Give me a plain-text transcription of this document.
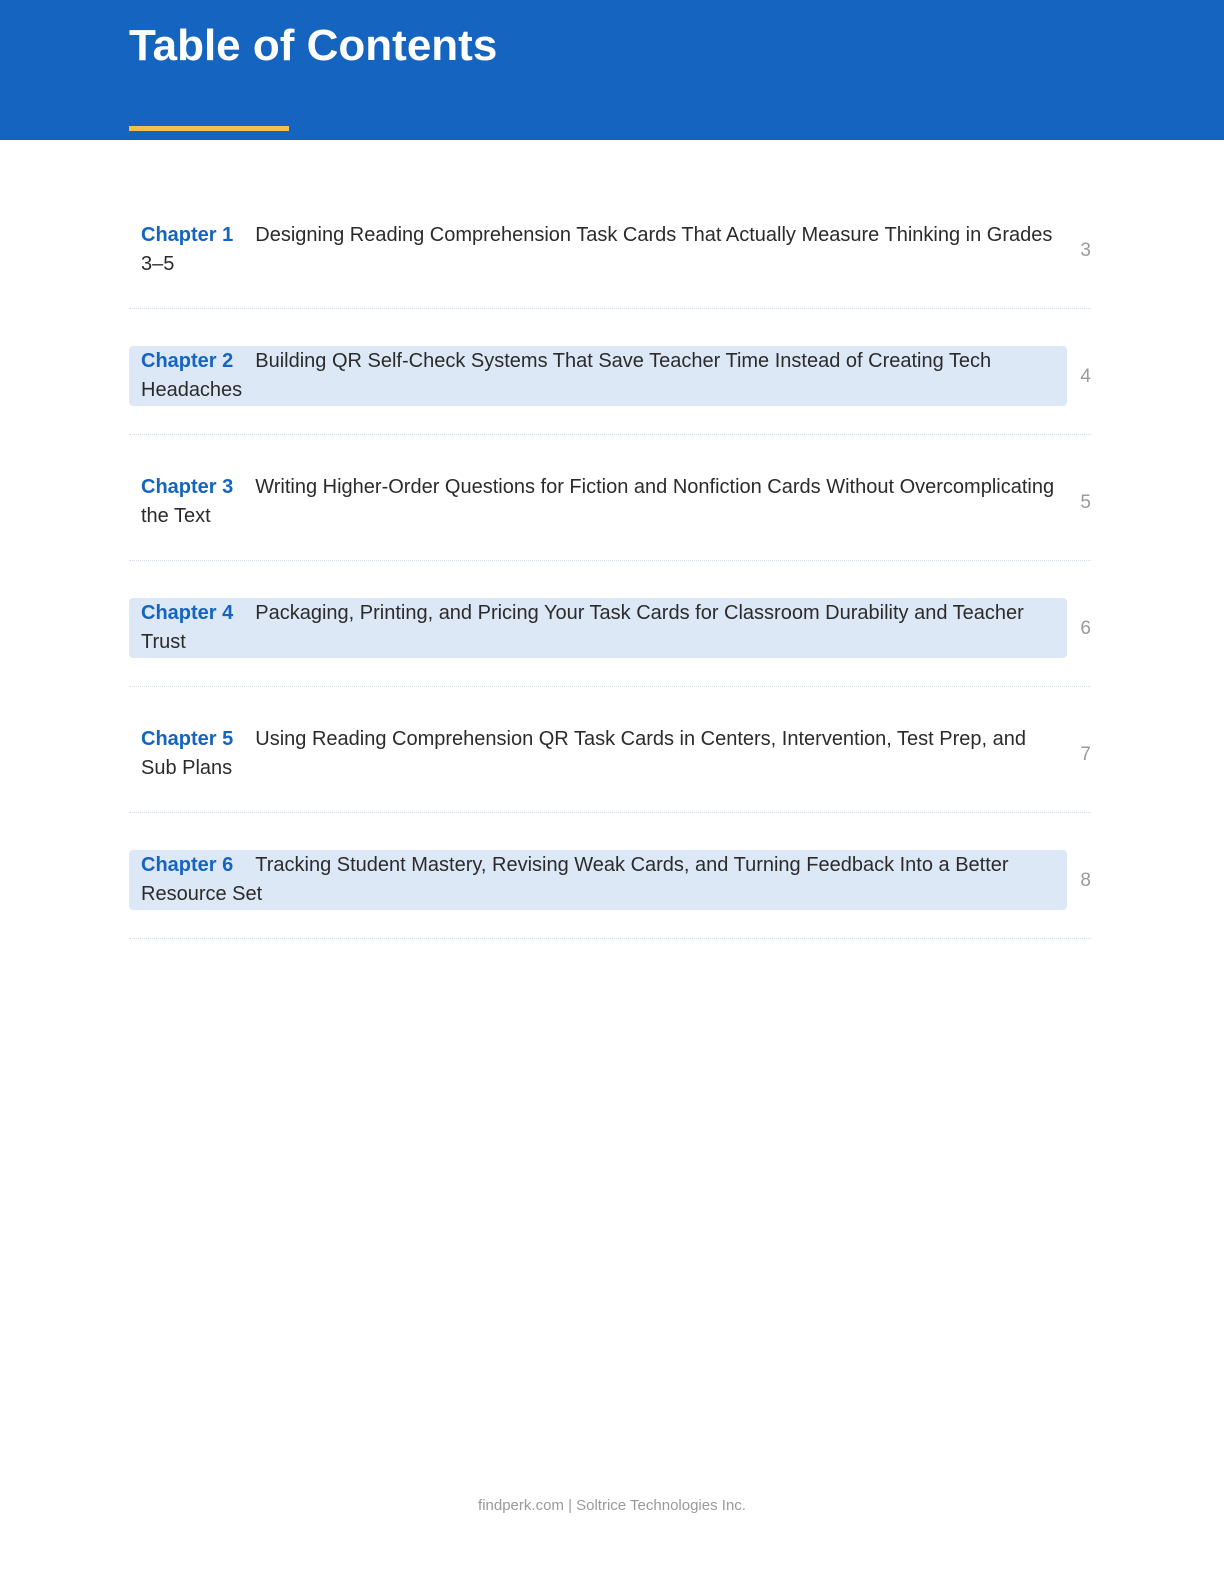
Table of Contents
Chapter 1 Designing Reading Comprehension Task Cards That Actually Measure Thinking in Grades 3–5
3
Chapter 2 Building QR Self-Check Systems That Save Teacher Time Instead of Creating Tech Headaches
4
Chapter 3 Writing Higher-Order Questions for Fiction and Nonfiction Cards Without Overcomplicating the Text
5
Chapter 4 Packaging, Printing, and Pricing Your Task Cards for Classroom Durability and Teacher Trust
6
Chapter 5 Using Reading Comprehension QR Task Cards in Centers, Intervention, Test Prep, and Sub Plans
7
Chapter 6 Tracking Student Mastery, Revising Weak Cards, and Turning Feedback Into a Better Resource Set
8
findperk.com | Soltrice Technologies Inc.
